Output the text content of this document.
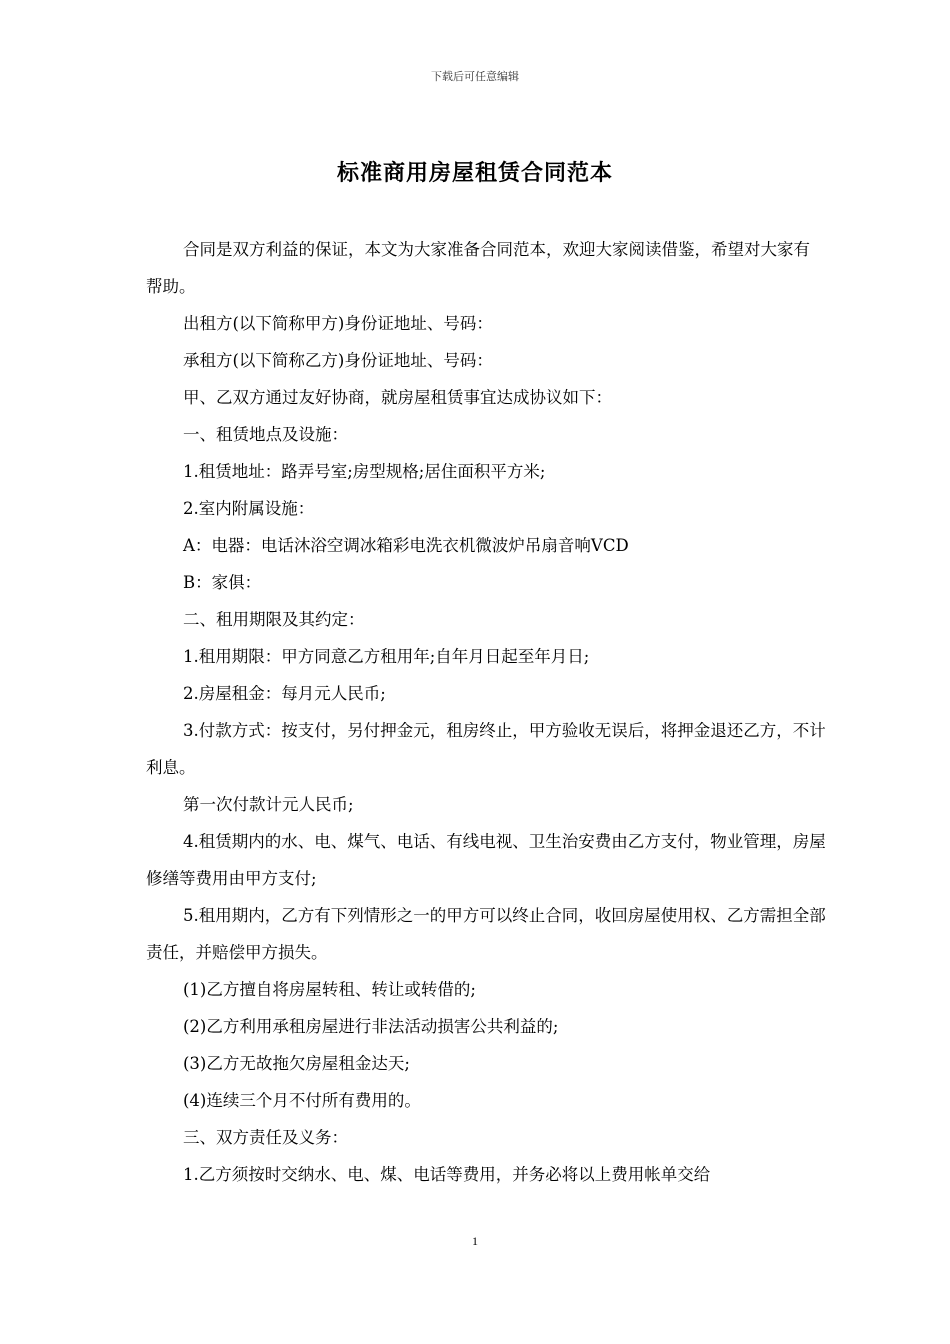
下载后可任意编辑
标准商用房屋租赁合同范本

合同是双方利益的保证，本文为大家准备合同范本，欢迎大家阅读借鉴，希望对大家有帮助。

出租方(以下简称甲方)身份证地址、号码：

承租方(以下简称乙方)身份证地址、号码：

甲、乙双方通过友好协商，就房屋租赁事宜达成协议如下：

一、租赁地点及设施：

1.租赁地址：路弄号室;房型规格;居住面积平方米;

2.室内附属设施：

A：电器：电话沐浴空调冰箱彩电洗衣机微波炉吊扇音响VCD

B：家俱：

二、租用期限及其约定：

1.租用期限：甲方同意乙方租用年;自年月日起至年月日;

2.房屋租金：每月元人民币;

3.付款方式：按支付，另付押金元，租房终止，甲方验收无误后，将押金退还乙方，不计利息。

第一次付款计元人民币;

4.租赁期内的水、电、煤气、电话、有线电视、卫生治安费由乙方支付，物业管理，房屋修缮等费用由甲方支付;

5.租用期内，乙方有下列情形之一的甲方可以终止合同，收回房屋使用权、乙方需担全部责任，并赔偿甲方损失。

(1)乙方擅自将房屋转租、转让或转借的;

(2)乙方利用承租房屋进行非法活动损害公共利益的;

(3)乙方无故拖欠房屋租金达天;

(4)连续三个月不付所有费用的。

三、双方责任及义务：

1.乙方须按时交纳水、电、煤、电话等费用，并务必将以上费用帐单交给

1
